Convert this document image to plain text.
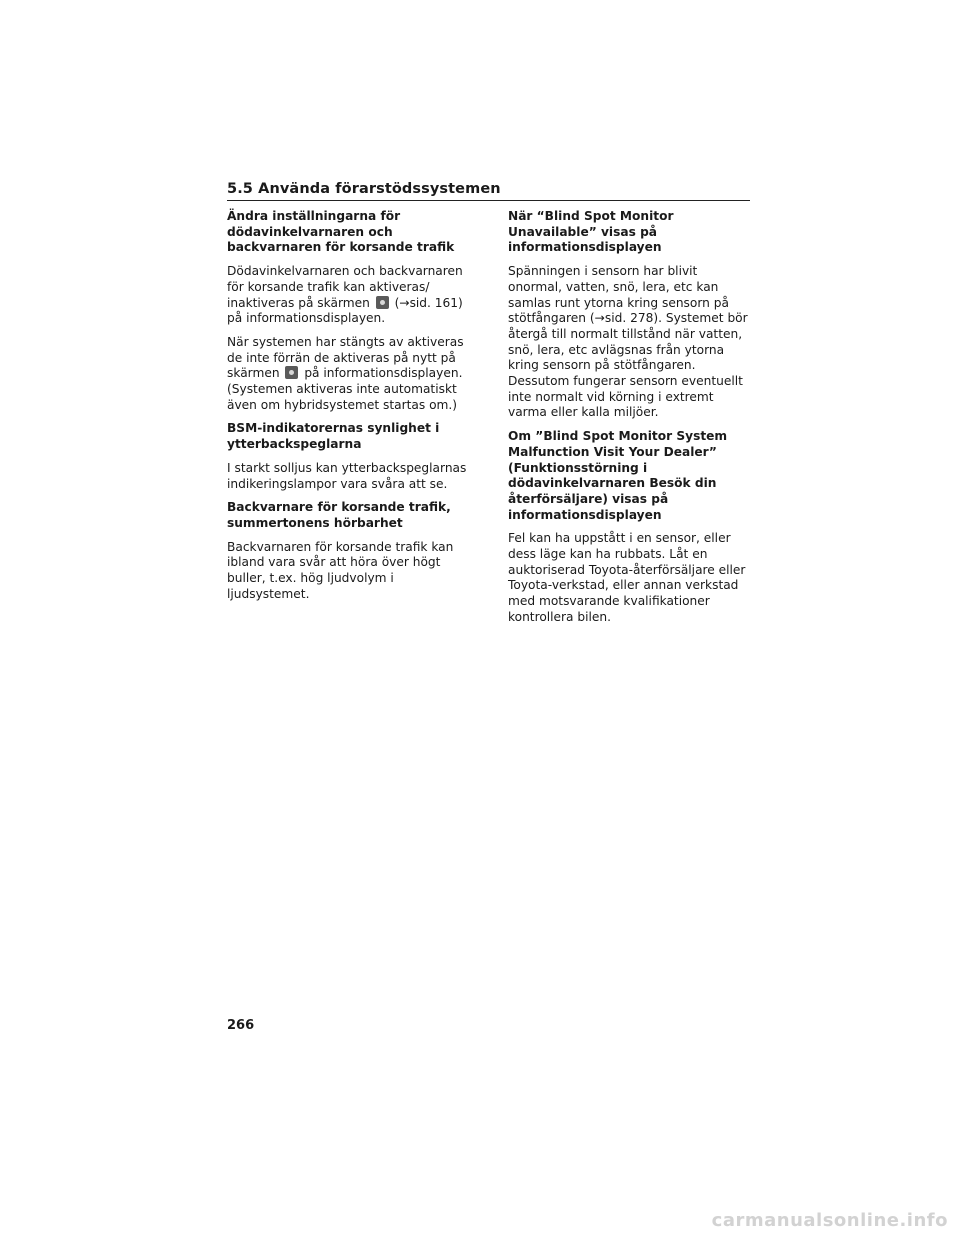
5.5 Använda förarstödssystemen
Ändra inställningarna för dödavinkelvarnaren och backvarnaren för korsande trafik

Dödavinkelvarnaren och backvarnaren för korsande trafik kan aktiveras/ inaktiveras på skärmen (→sid. 161) på informationsdisplayen.

När systemen har stängts av aktiveras de inte förrän de aktiveras på nytt på skärmen på informationsdisplayen. (Systemen aktiveras inte automatiskt även om hybridsystemet startas om.)

BSM-indikatorernas synlighet i ytterbackspeglarna

I starkt solljus kan ytterbackspeglarnas indikeringslampor vara svåra att se.

Backvarnare för korsande trafik, summertonens hörbarhet

Backvarnaren för korsande trafik kan ibland vara svår att höra över högt buller, t.ex. hög ljudvolym i ljudsystemet.

När “Blind Spot Monitor Unavailable” visas på informationsdisplayen

Spänningen i sensorn har blivit onormal, vatten, snö, lera, etc kan samlas runt ytorna kring sensorn på stötfångaren (→sid. 278). Systemet bör återgå till normalt tillstånd när vatten, snö, lera, etc avlägsnas från ytorna kring sensorn på stötfångaren. Dessutom fungerar sensorn eventuellt inte normalt vid körning i extremt varma eller kalla miljöer.

Om ”Blind Spot Monitor System Malfunction Visit Your Dealer” (Funktionsstörning i dödavinkelvarnaren Besök din återförsäljare) visas på informationsdisplayen

Fel kan ha uppstått i en sensor, eller dess läge kan ha rubbats. Låt en auktoriserad Toyota-återförsäljare eller Toyota-verkstad, eller annan verkstad med motsvarande kvalifikationer kontrollera bilen.

266
carmanualsonline.info
